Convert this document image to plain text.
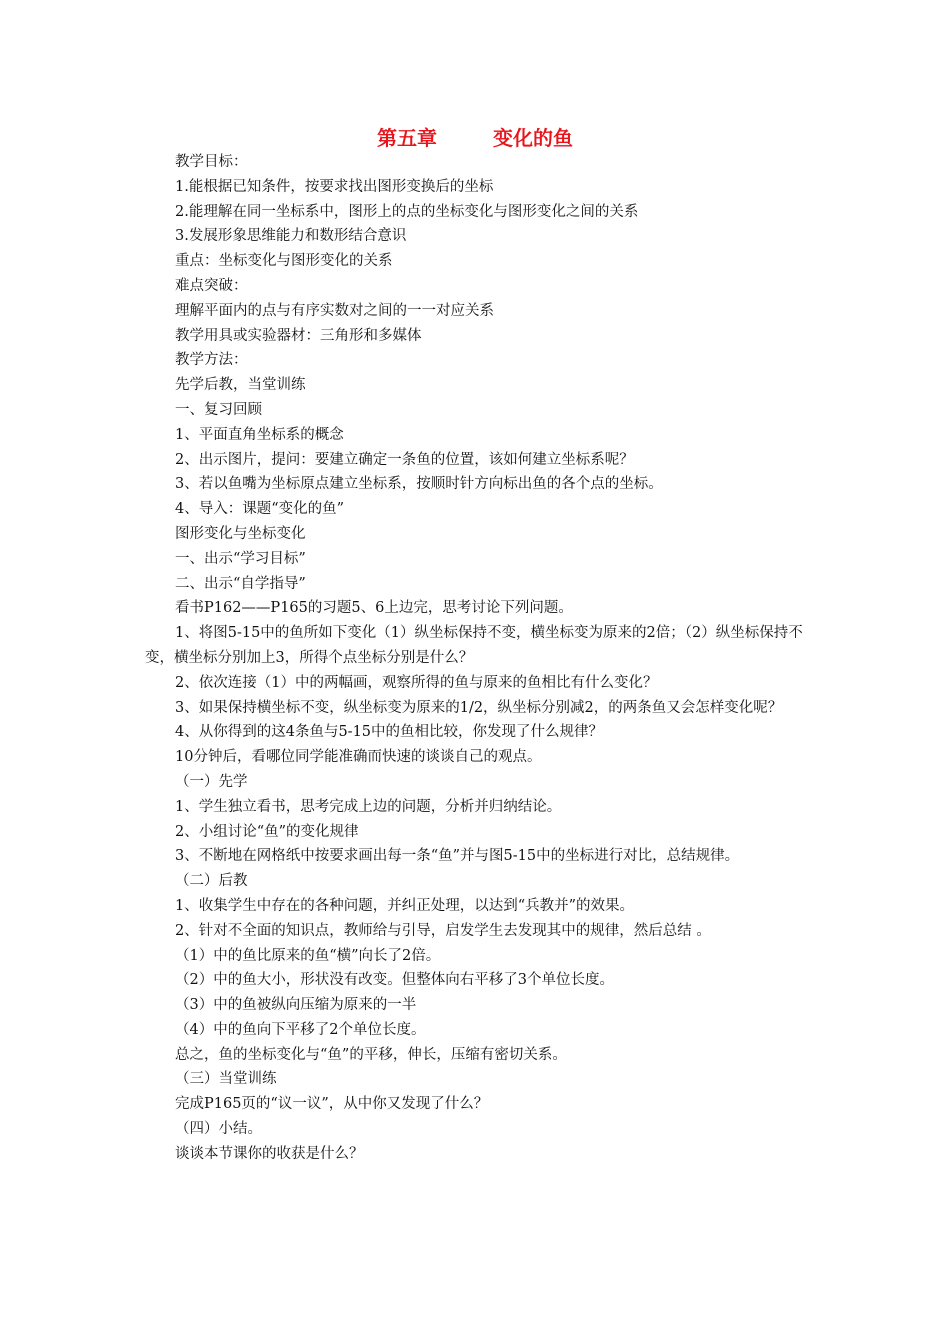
第五章	变化的鱼

教学目标：

1.能根据已知条件，按要求找出图形变换后的坐标

2.能理解在同一坐标系中，图形上的点的坐标变化与图形变化之间的关系

3.发展形象思维能力和数形结合意识

重点：坐标变化与图形变化的关系

难点突破：

理解平面内的点与有序实数对之间的一一对应关系

教学用具或实验器材：三角形和多媒体

教学方法：

先学后教，当堂训练

一、复习回顾

1、平面直角坐标系的概念

2、出示图片，提问：要建立确定一条鱼的位置，该如何建立坐标系呢？

3、若以鱼嘴为坐标原点建立坐标系，按顺时针方向标出鱼的各个点的坐标。

4、导入：课题“变化的鱼”

图形变化与坐标变化

一、出示“学习目标”

二、出示“自学指导”

看书P162——P165的习题5、6上边完，思考讨论下列问题。

1、将图5-15中的鱼所如下变化（1）纵坐标保持不变，横坐标变为原来的2倍；（2）纵坐标保持不变，横坐标分别加上3，所得个点坐标分别是什么？

2、依次连接（1）中的两幅画，观察所得的鱼与原来的鱼相比有什么变化？

3、如果保持横坐标不变，纵坐标变为原来的1/2，纵坐标分别减2，的两条鱼又会怎样变化呢？

4、从你得到的这4条鱼与5-15中的鱼相比较，你发现了什么规律？

10分钟后，看哪位同学能准确而快速的谈谈自己的观点。

（一）先学

1、学生独立看书，思考完成上边的问题，分析并归纳结论。

2、小组讨论“鱼”的变化规律

3、不断地在网格纸中按要求画出每一条“鱼”并与图5-15中的坐标进行对比，总结规律。

（二）后教

1、收集学生中存在的各种问题，并纠正处理，以达到“兵教并”的效果。

2、针对不全面的知识点，教师给与引导，启发学生去发现其中的规律，然后总结 。

（1）中的鱼比原来的鱼“横”向长了2倍。

（2）中的鱼大小，形状没有改变。但整体向右平移了3个单位长度。

（3）中的鱼被纵向压缩为原来的一半

（4）中的鱼向下平移了2个单位长度。

总之，鱼的坐标变化与“鱼”的平移，伸长，压缩有密切关系。

（三）当堂训练

完成P165页的“议一议”，从中你又发现了什么？

（四）小结。

谈谈本节课你的收获是什么？
